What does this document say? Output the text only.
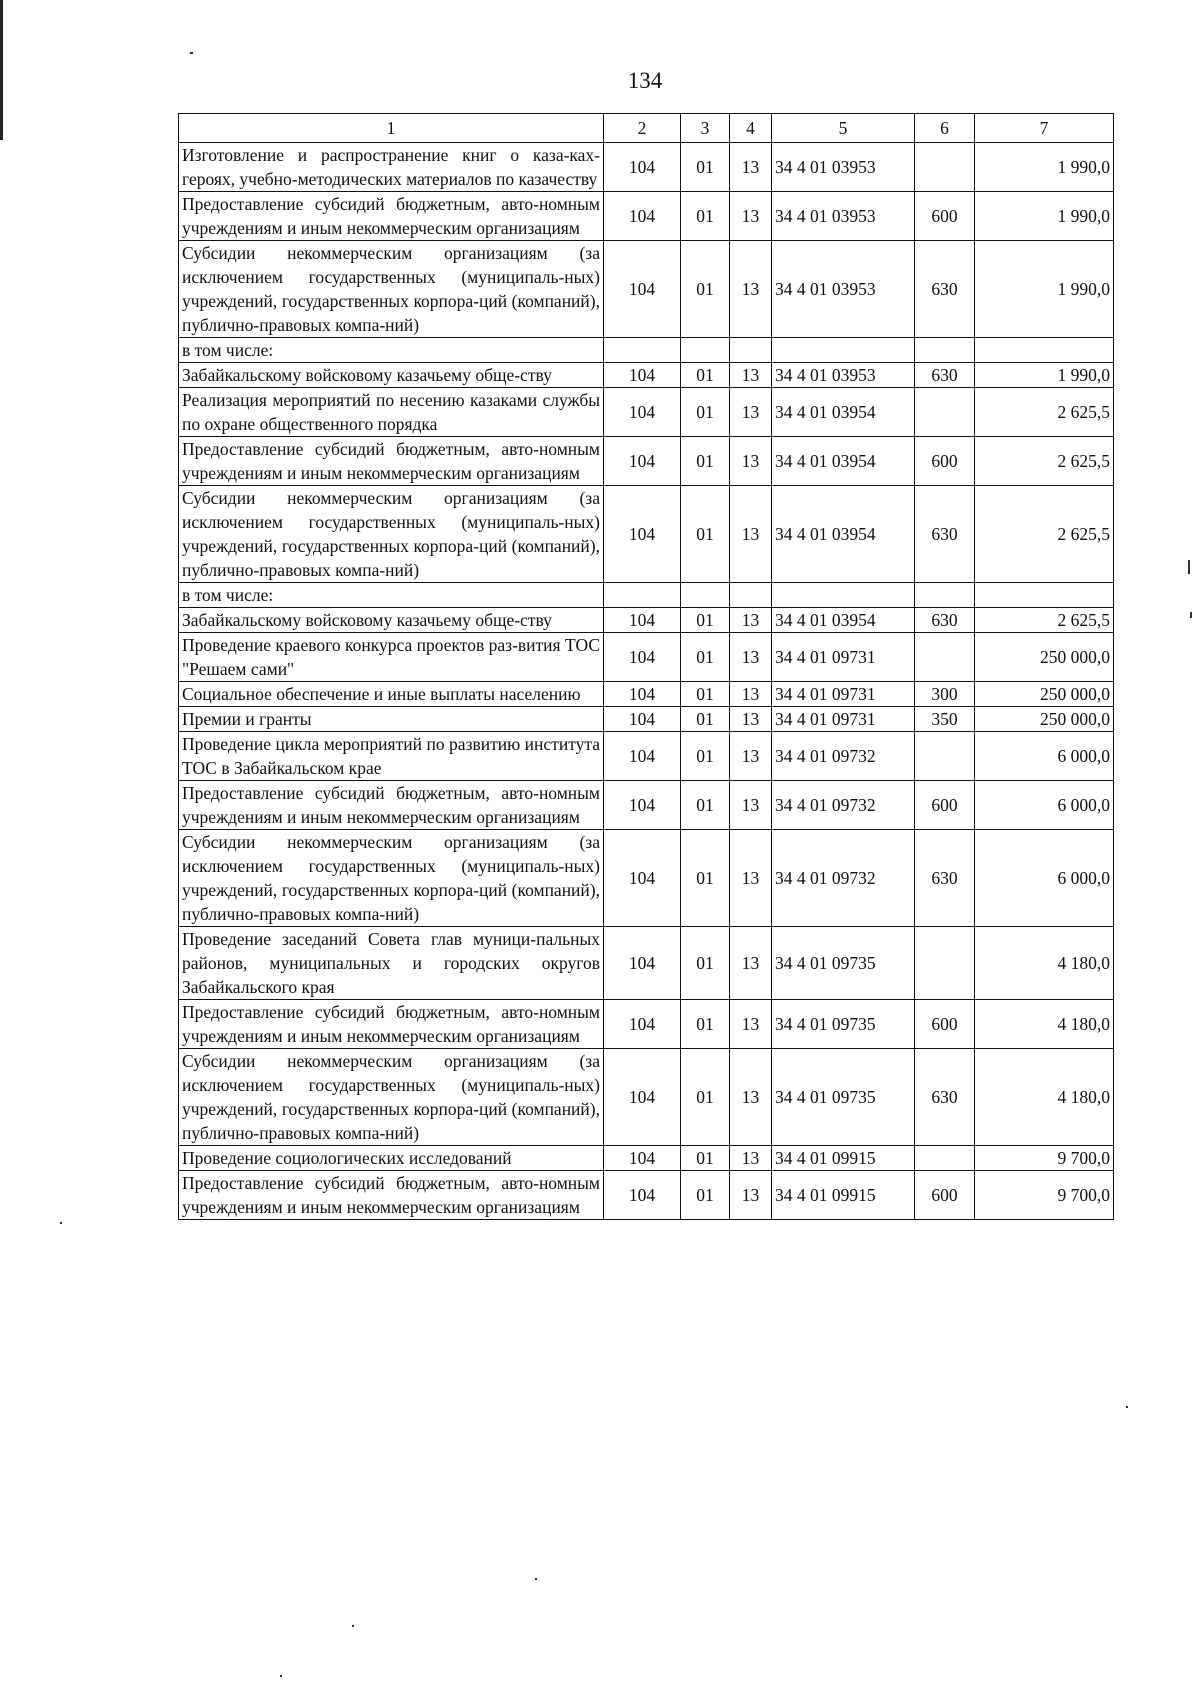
134
1	2	3	4	5	6	7
Изготовление и распространение книг о каза-ках-героях, учебно-методических материалов по казачеству	104	01	13	34 4 01 03953		1 990,0
Предоставление субсидий бюджетным, авто-номным учреждениям и иным некоммерческим организациям	104	01	13	34 4 01 03953	600	1 990,0
Субсидии некоммерческим организациям (за исключением государственных (муниципаль-ных) учреждений, государственных корпора-ций (компаний), публично-правовых компа-ний)	104	01	13	34 4 01 03953	630	1 990,0
в том числе:						
Забайкальскому войсковому казачьему обще-ству	104	01	13	34 4 01 03953	630	1 990,0
Реализация мероприятий по несению казаками службы по охране общественного порядка	104	01	13	34 4 01 03954		2 625,5
Предоставление субсидий бюджетным, авто-номным учреждениям и иным некоммерческим организациям	104	01	13	34 4 01 03954	600	2 625,5
Субсидии некоммерческим организациям (за исключением государственных (муниципаль-ных) учреждений, государственных корпора-ций (компаний), публично-правовых компа-ний)	104	01	13	34 4 01 03954	630	2 625,5
в том числе:						
Забайкальскому войсковому казачьему обще-ству	104	01	13	34 4 01 03954	630	2 625,5
Проведение краевого конкурса проектов раз-вития ТОС "Решаем сами"	104	01	13	34 4 01 09731		250 000,0
Социальное обеспечение и иные выплаты населению	104	01	13	34 4 01 09731	300	250 000,0
Премии и гранты	104	01	13	34 4 01 09731	350	250 000,0
Проведение цикла мероприятий по развитию института ТОС в Забайкальском крае	104	01	13	34 4 01 09732		6 000,0
Предоставление субсидий бюджетным, авто-номным учреждениям и иным некоммерческим организациям	104	01	13	34 4 01 09732	600	6 000,0
Субсидии некоммерческим организациям (за исключением государственных (муниципаль-ных) учреждений, государственных корпора-ций (компаний), публично-правовых компа-ний)	104	01	13	34 4 01 09732	630	6 000,0
Проведение заседаний Совета глав муници-пальных районов, муниципальных и городских округов Забайкальского края	104	01	13	34 4 01 09735		4 180,0
Предоставление субсидий бюджетным, авто-номным учреждениям и иным некоммерческим организациям	104	01	13	34 4 01 09735	600	4 180,0
Субсидии некоммерческим организациям (за исключением государственных (муниципаль-ных) учреждений, государственных корпора-ций (компаний), публично-правовых компа-ний)	104	01	13	34 4 01 09735	630	4 180,0
Проведение социологических исследований	104	01	13	34 4 01 09915		9 700,0
Предоставление субсидий бюджетным, авто-номным учреждениям и иным некоммерческим организациям	104	01	13	34 4 01 09915	600	9 700,0
